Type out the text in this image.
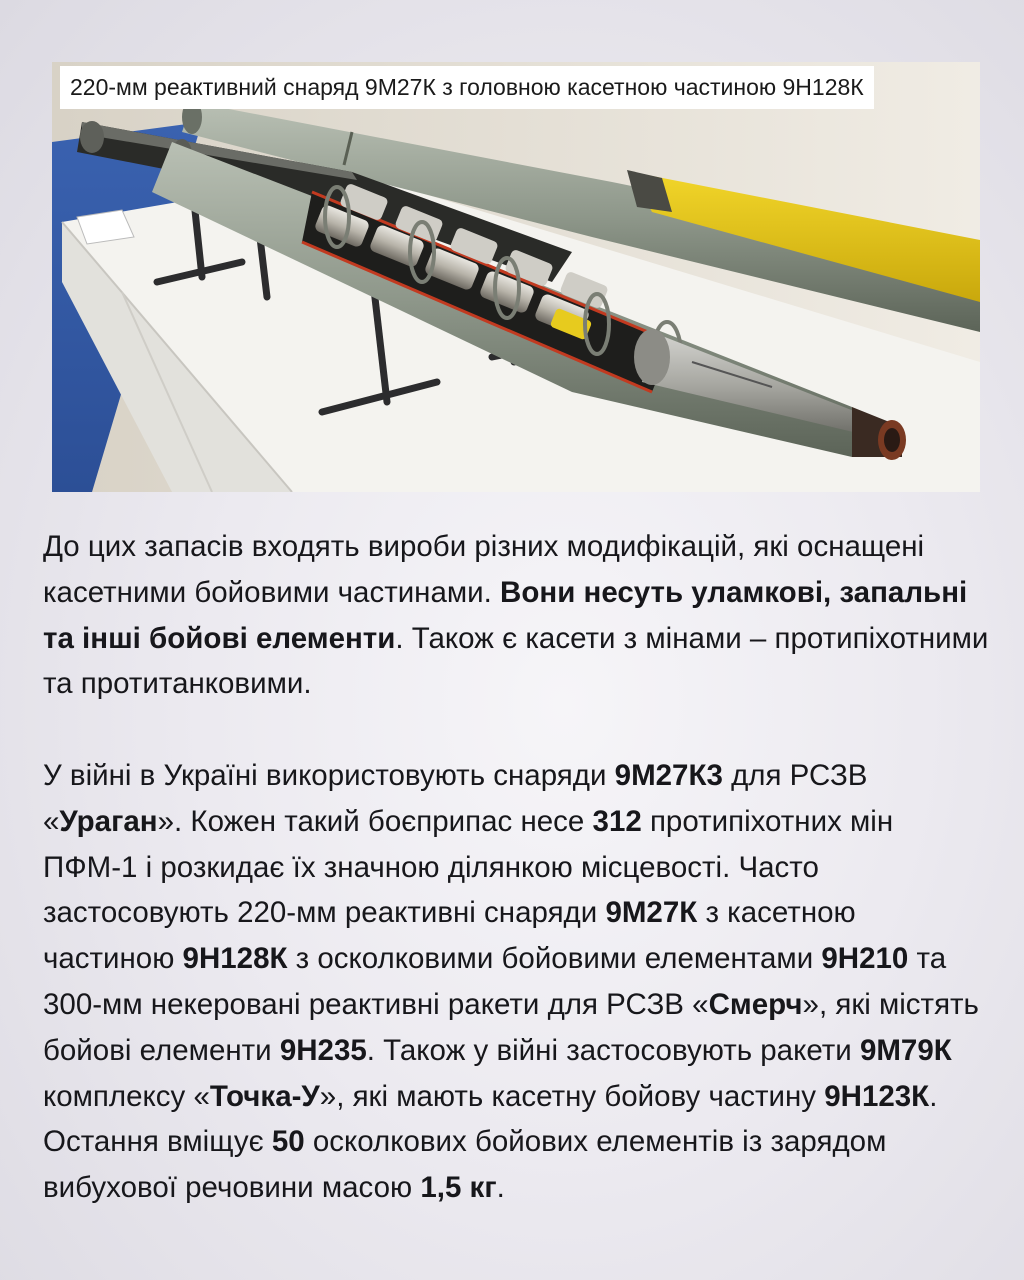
220-мм реактивний снаряд 9М27К з головною касетною частиною 9Н128К

До цих запасів входять вироби різних модифікацій, які оснащені касетними бойовими частинами. Вони несуть уламкові, запальні та інші бойові елементи. Також є касети з мінами – протипіхотними та протитанковими.

У війні в Україні використовують снаряди 9М27К3 для РСЗВ «Ураган». Кожен такий боєприпас несе 312 протипіхотних мін ПФМ-1 і розкидає їх значною ділянкою місцевості. Часто застосовують 220-мм реактивні снаряди 9М27К з касетною частиною 9Н128К з осколковими бойовими елементами 9Н210 та 300-мм некеровані реактивні ракети для РСЗВ «Смерч», які містять бойові елементи 9Н235. Також у війні застосовують ракети 9М79К комплексу «Точка-У», які мають касетну бойову частину 9Н123К. Остання вміщує 50 осколкових бойових елементів із зарядом вибухової речовини масою 1,5 кг.
